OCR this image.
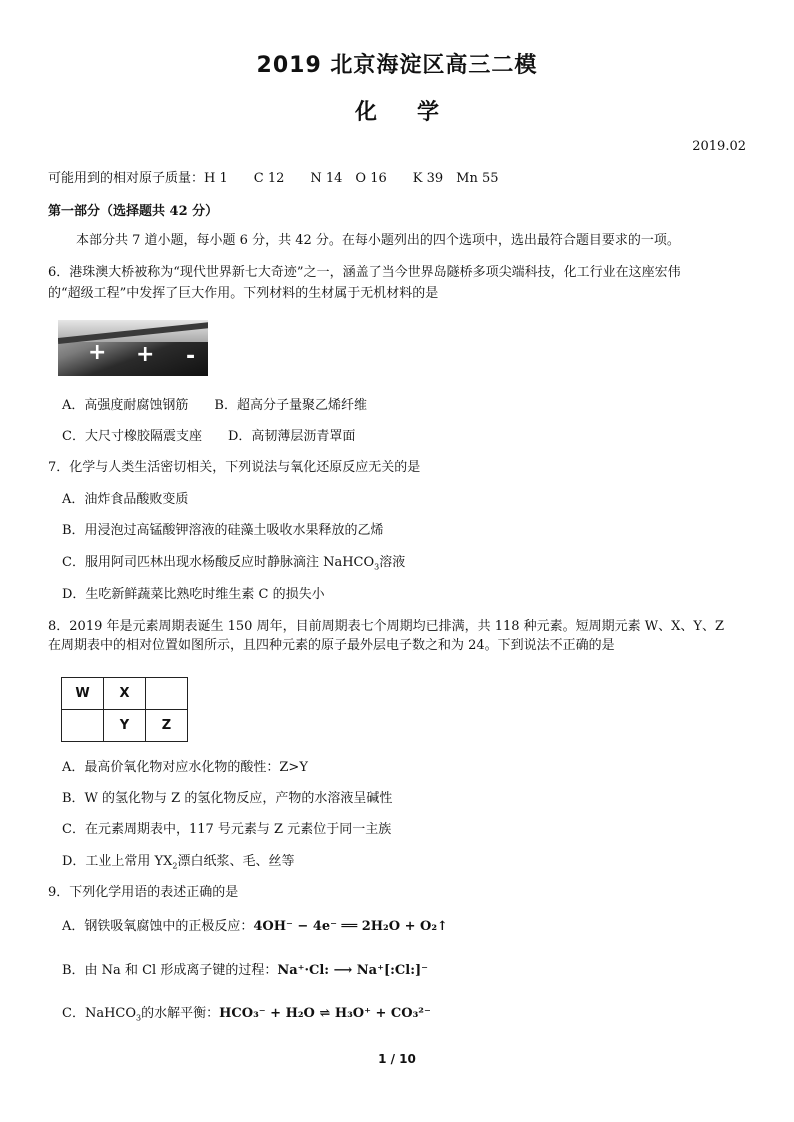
2019 北京海淀区高三二模
化学
2019.02
可能用到的相对原子质量：H 1　　C 12　　N 14　O 16　　K 39　Mn 55
第一部分（选择题共 42 分）
本部分共 7 道小题，每小题 6 分，共 42 分。在每小题列出的四个选项中，选出最符合题目要求的一项。
6．港珠澳大桥被称为“现代世界新七大奇迹”之一，涵盖了当今世界岛隧桥多项尖端科技，化工行业在这座宏伟
的“超级工程”中发挥了巨大作用。下列材料的生材属于无机材料的是
+ + -
A．高强度耐腐蚀钢筋　　B．超高分子量聚乙烯纤维
C．大尺寸橡胶隔震支座　　D．高韧薄层沥青罩面
7．化学与人类生活密切相关，下列说法与氧化还原反应无关的是
A．油炸食品酸败变质
B．用浸泡过高锰酸钾溶液的硅藻土吸收水果释放的乙烯
C．服用阿司匹林出现水杨酸反应时静脉滴注 NaHCO$_3$溶液
D．生吃新鲜蔬菜比熟吃时维生素 C 的损失小
8．2019 年是元素周期表诞生 150 周年，目前周期表七个周期均已排满，共 118 种元素。短周期元素 W、X、Y、Z
在周期表中的相对位置如图所示，且四种元素的原子最外层电子数之和为 24。下到说法不正确的是
W	X	
	Y	Z
A．最高价氧化物对应水化物的酸性：Z>Y
B．W 的氢化物与 Z 的氢化物反应，产物的水溶液呈碱性
C．在元素周期表中，117 号元素与 Z 元素位于同一主族
D．工业上常用 $YX_2$漂白纸浆、毛、丝等
9．下列化学用语的表述正确的是
A．钢铁吸氧腐蚀中的正极反应：4OH⁻ − 4e⁻ ══ 2H₂O + O₂↑
B．由 Na 和 Cl 形成离子键的过程：Na⁺·Cl: ⟶ Na⁺[:Cl:]⁻
C．NaHCO$_3$的水解平衡：HCO₃⁻ + H₂O ⇌ H₃O⁺ + CO₃²⁻
1 / 10
